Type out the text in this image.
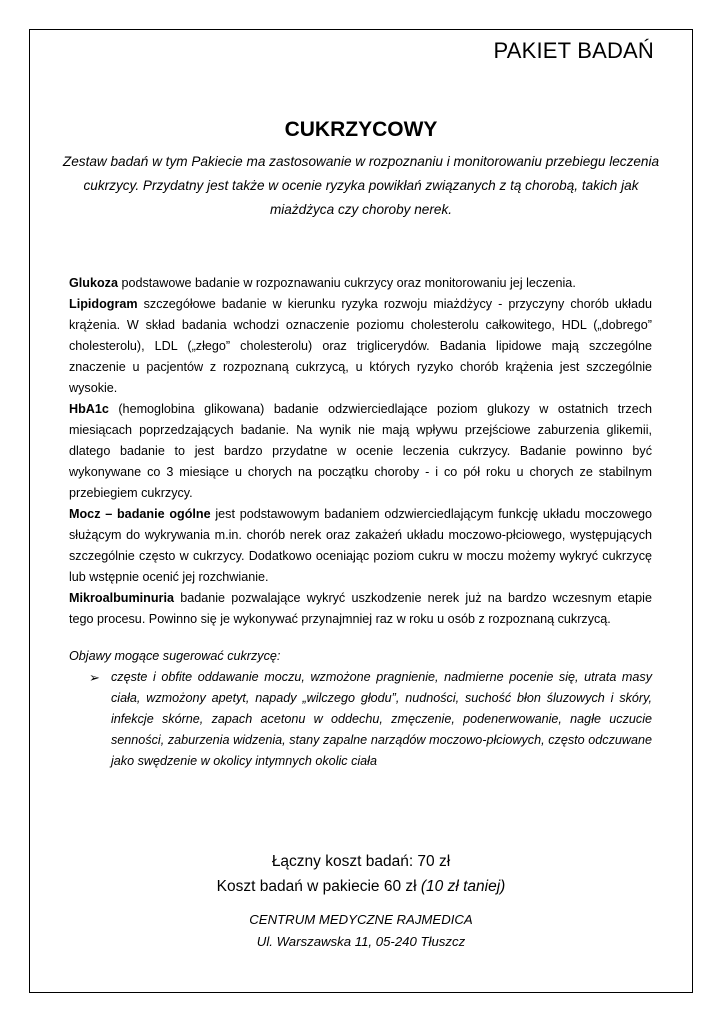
PAKIET BADAŃ
CUKRZYCOWY
Zestaw badań w tym Pakiecie ma zastosowanie w rozpoznaniu i monitorowaniu przebiegu leczenia cukrzycy. Przydatny jest także w ocenie ryzyka powikłań związanych z tą chorobą, takich jak miażdżyca czy choroby nerek.

Glukoza podstawowe badanie w rozpoznawaniu cukrzycy oraz monitorowaniu jej leczenia.

Lipidogram szczegółowe badanie w kierunku ryzyka rozwoju miażdżycy - przyczyny chorób układu krążenia. W skład badania wchodzi oznaczenie poziomu cholesterolu całkowitego, HDL („dobrego” cholesterolu), LDL („złego” cholesterolu) oraz triglicerydów. Badania lipidowe mają szczególne znaczenie u pacjentów z rozpoznaną cukrzycą, u których ryzyko chorób krążenia jest szczególnie wysokie.

HbA1c (hemoglobina glikowana) badanie odzwierciedlające poziom glukozy w ostatnich trzech miesiącach poprzedzających badanie. Na wynik nie mają wpływu przejściowe zaburzenia glikemii, dlatego badanie to jest bardzo przydatne w ocenie leczenia cukrzycy. Badanie powinno być wykonywane co 3 miesiące u chorych na początku choroby - i co pół roku u chorych ze stabilnym przebiegiem cukrzycy.

Mocz – badanie ogólne jest podstawowym badaniem odzwierciedlającym funkcję układu moczowego służącym do wykrywania m.in. chorób nerek oraz zakażeń układu moczowo-płciowego, występujących szczególnie często w cukrzycy. Dodatkowo oceniając poziom cukru w moczu możemy wykryć cukrzycę lub wstępnie ocenić jej rozchwianie.

Mikroalbuminuria badanie pozwalające wykryć uszkodzenie nerek już na bardzo wczesnym etapie tego procesu. Powinno się je wykonywać przynajmniej raz w roku u osób z rozpoznaną cukrzycą.

Objawy mogące sugerować cukrzycę:

➢ częste i obfite oddawanie moczu, wzmożone pragnienie, nadmierne pocenie się, utrata masy ciała, wzmożony apetyt, napady „wilczego głodu”, nudności, suchość błon śluzowych i skóry, infekcje skórne, zapach acetonu w oddechu, zmęczenie, podenerwowanie, nagłe uczucie senności, zaburzenia widzenia, stany zapalne narządów moczowo-płciowych, często odczuwane jako swędzenie w okolicy intymnych okolic ciała

Łączny koszt badań: 70 zł
Koszt badań w pakiecie 60 zł (10 zł taniej)
CENTRUM MEDYCZNE RAJMEDICA
Ul. Warszawska 11, 05-240 Tłuszcz
